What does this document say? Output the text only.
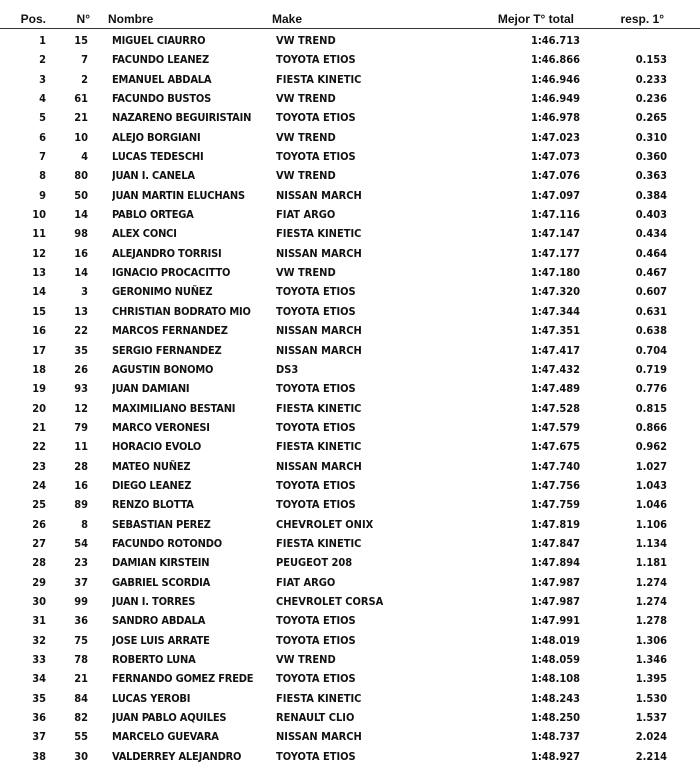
Pos.	N° Nombre	Make	Mejor T° total	resp. 1°
1	15 MIGUEL CIAURRO	VW TREND	1:46.713
2	7 FACUNDO LEANEZ	TOYOTA ETIOS	1:46.866	0.153
3	2 EMANUEL ABDALA	FIESTA KINETIC	1:46.946	0.233
4	61 FACUNDO BUSTOS	VW TREND	1:46.949	0.236
5	21 NAZARENO BEGUIRISTAIN	TOYOTA ETIOS	1:46.978	0.265
6	10 ALEJO BORGIANI	VW TREND	1:47.023	0.310
7	4 LUCAS TEDESCHI	TOYOTA ETIOS	1:47.073	0.360
8	80 JUAN I. CANELA	VW TREND	1:47.076	0.363
9	50 JUAN MARTIN ELUCHANS	NISSAN MARCH	1:47.097	0.384
10	14 PABLO ORTEGA	FIAT ARGO	1:47.116	0.403
11	98 ALEX CONCI	FIESTA KINETIC	1:47.147	0.434
12	16 ALEJANDRO TORRISI	NISSAN MARCH	1:47.177	0.464
13	14 IGNACIO PROCACITTO	VW TREND	1:47.180	0.467
14	3 GERONIMO NUÑEZ	TOYOTA ETIOS	1:47.320	0.607
15	13 CHRISTIAN BODRATO MIO	TOYOTA ETIOS	1:47.344	0.631
16	22 MARCOS FERNANDEZ	NISSAN MARCH	1:47.351	0.638
17	35 SERGIO FERNANDEZ	NISSAN MARCH	1:47.417	0.704
18	26 AGUSTIN BONOMO	DS3	1:47.432	0.719
19	93 JUAN DAMIANI	TOYOTA ETIOS	1:47.489	0.776
20	12 MAXIMILIANO BESTANI	FIESTA KINETIC	1:47.528	0.815
21	79 MARCO VERONESI	TOYOTA ETIOS	1:47.579	0.866
22	11 HORACIO EVOLO	FIESTA KINETIC	1:47.675	0.962
23	28 MATEO NUÑEZ	NISSAN MARCH	1:47.740	1.027
24	16 DIEGO LEANEZ	TOYOTA ETIOS	1:47.756	1.043
25	89 RENZO BLOTTA	TOYOTA ETIOS	1:47.759	1.046
26	8 SEBASTIAN PEREZ	CHEVROLET ONIX	1:47.819	1.106
27	54 FACUNDO ROTONDO	FIESTA KINETIC	1:47.847	1.134
28	23 DAMIAN KIRSTEIN	PEUGEOT 208	1:47.894	1.181
29	37 GABRIEL SCORDIA	FIAT ARGO	1:47.987	1.274
30	99 JUAN I. TORRES	CHEVROLET CORSA	1:47.987	1.274
31	36 SANDRO ABDALA	TOYOTA ETIOS	1:47.991	1.278
32	75 JOSE LUIS ARRATE	TOYOTA ETIOS	1:48.019	1.306
33	78 ROBERTO LUNA	VW TREND	1:48.059	1.346
34	21 FERNANDO GOMEZ FREDE	TOYOTA ETIOS	1:48.108	1.395
35	84 LUCAS YEROBI	FIESTA KINETIC	1:48.243	1.530
36	82 JUAN PABLO AQUILES	RENAULT CLIO	1:48.250	1.537
37	55 MARCELO GUEVARA	NISSAN MARCH	1:48.737	2.024
38	30 VALDERREY ALEJANDRO	TOYOTA ETIOS	1:48.927	2.214
